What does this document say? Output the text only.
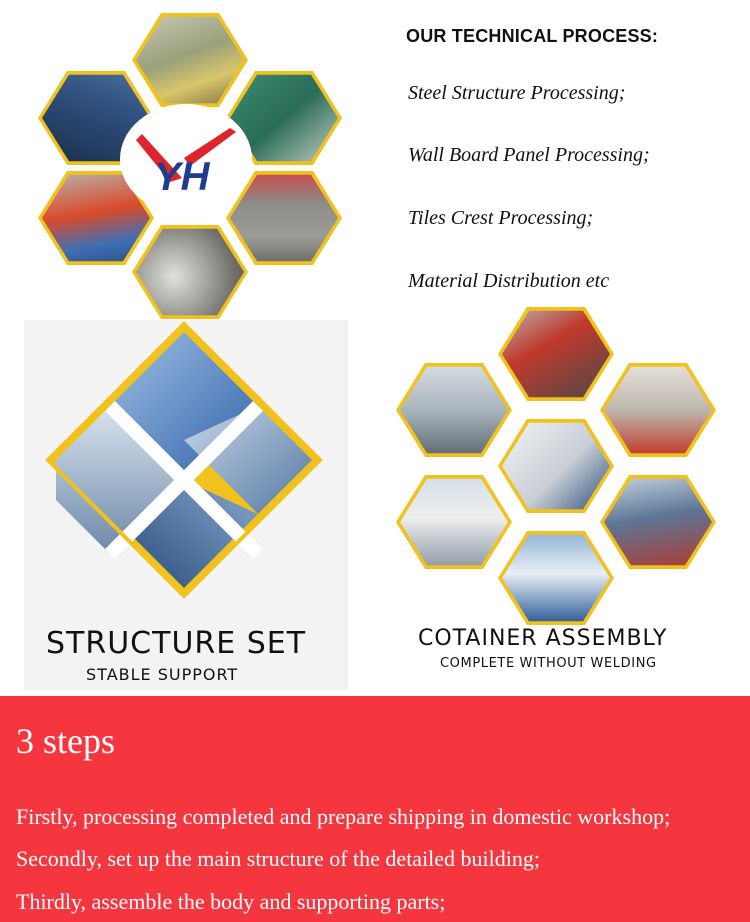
YH
OUR TECHNICAL PROCESS:
Steel Structure Processing;
Wall Board Panel Processing;
Tiles Crest Processing;
Material Distribution etc
STRUCTURE SET
STABLE SUPPORT
COTAINER ASSEMBLY
COMPLETE WITHOUT WELDING
3 steps
Firstly, processing completed and prepare shipping in domestic workshop;
Secondly, set up the main structure of the detailed building;
Thirdly, assemble the body and supporting parts;
